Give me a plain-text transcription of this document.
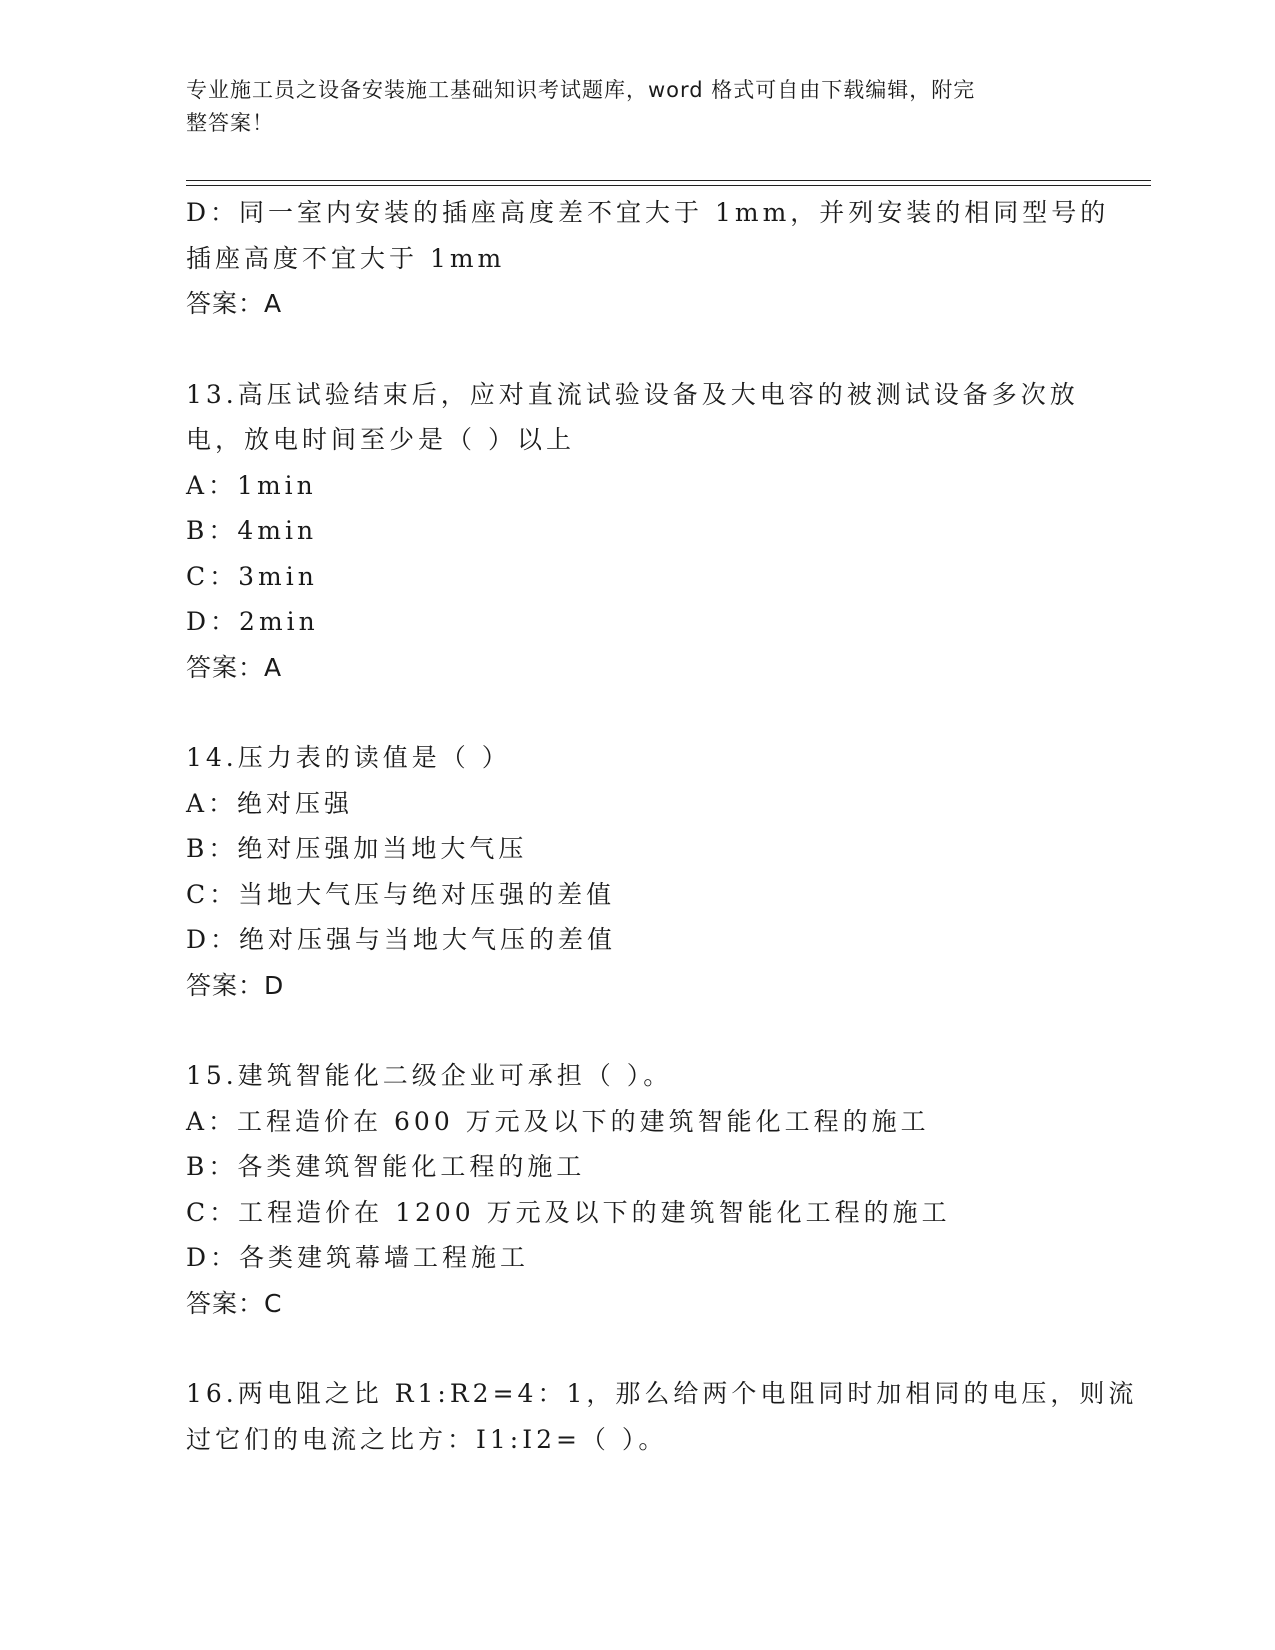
专业施工员之设备安装施工基础知识考试题库，word 格式可自由下载编辑，附完
整答案！
D：同一室内安装的插座高度差不宜大于 1mm，并列安装的相同型号的
插座高度不宜大于 1mm
答案：A
13.高压试验结束后，应对直流试验设备及大电容的被测试设备多次放
电，放电时间至少是（ ）以上
A：1min
B：4min
C：3min
D：2min
答案：A
14.压力表的读值是（ ）
A：绝对压强
B：绝对压强加当地大气压
C：当地大气压与绝对压强的差值
D：绝对压强与当地大气压的差值
答案：D
15.建筑智能化二级企业可承担（ ）。
A：工程造价在 600 万元及以下的建筑智能化工程的施工
B：各类建筑智能化工程的施工
C：工程造价在 1200 万元及以下的建筑智能化工程的施工
D：各类建筑幕墙工程施工
答案：C
16.两电阻之比 R1:R2=4：1，那么给两个电阻同时加相同的电压，则流
过它们的电流之比方：I1:I2=（ ）。
